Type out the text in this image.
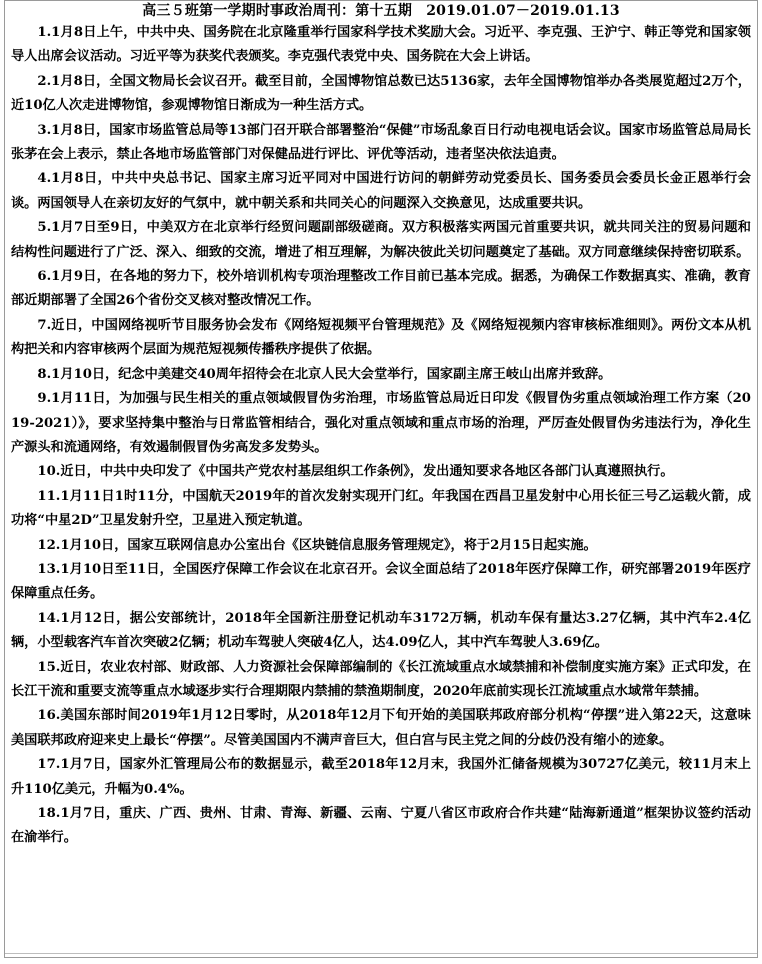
高三５班第一学期时事政治周刊：第十五期　2019.01.07－2019.01.13

1.1月8日上午，中共中央、国务院在北京隆重举行国家科学技术奖励大会。习近平、李克强、王沪宁、韩正等党和国家领导人出席会议活动。习近平等为获奖代表颁奖。李克强代表党中央、国务院在大会上讲话。

2.1月8日，全国文物局长会议召开。截至目前，全国博物馆总数已达5136家，去年全国博物馆举办各类展览超过2万个，近10亿人次走进博物馆，参观博物馆日渐成为一种生活方式。

3.1月8日，国家市场监管总局等13部门召开联合部署整治“保健”市场乱象百日行动电视电话会议。国家市场监管总局局长张茅在会上表示，禁止各地市场监管部门对保健品进行评比、评优等活动，违者坚决依法追责。

4.1月8日，中共中央总书记、国家主席习近平同对中国进行访问的朝鲜劳动党委员长、国务委员会委员长金正恩举行会谈。两国领导人在亲切友好的气氛中，就中朝关系和共同关心的问题深入交换意见，达成重要共识。

5.1月7日至9日，中美双方在北京举行经贸问题副部级磋商。双方积极落实两国元首重要共识，就共同关注的贸易问题和结构性问题进行了广泛、深入、细致的交流，增进了相互理解，为解决彼此关切问题奠定了基础。双方同意继续保持密切联系。

6.1月9日，在各地的努力下，校外培训机构专项治理整改工作目前已基本完成。据悉，为确保工作数据真实、准确，教育部近期部署了全国26个省份交叉核对整改情况工作。

7.近日，中国网络视听节目服务协会发布《网络短视频平台管理规范》及《网络短视频内容审核标准细则》。两份文本从机构把关和内容审核两个层面为规范短视频传播秩序提供了依据。

8.1月10日，纪念中美建交40周年招待会在北京人民大会堂举行，国家副主席王岐山出席并致辞。

9.1月11日，为加强与民生相关的重点领域假冒伪劣治理，市场监管总局近日印发《假冒伪劣重点领域治理工作方案（2019-2021）》，要求坚持集中整治与日常监管相结合，强化对重点领域和重点市场的治理，严厉查处假冒伪劣违法行为，净化生产源头和流通网络，有效遏制假冒伪劣高发多发势头。

10.近日，中共中央印发了《中国共产党农村基层组织工作条例》，发出通知要求各地区各部门认真遵照执行。

11.1月11日1时11分，中国航天2019年的首次发射实现开门红。年我国在西昌卫星发射中心用长征三号乙运载火箭，成功将“中星2D”卫星发射升空，卫星进入预定轨道。

12.1月10日，国家互联网信息办公室出台《区块链信息服务管理规定》，将于2月15日起实施。

13.1月10日至11日，全国医疗保障工作会议在北京召开。会议全面总结了2018年医疗保障工作，研究部署2019年医疗保障重点任务。

14.1月12日，据公安部统计，2018年全国新注册登记机动车3172万辆，机动车保有量达3.27亿辆，其中汽车2.4亿辆，小型载客汽车首次突破2亿辆；机动车驾驶人突破4亿人，达4.09亿人，其中汽车驾驶人3.69亿。

15.近日，农业农村部、财政部、人力资源社会保障部编制的《长江流域重点水域禁捕和补偿制度实施方案》正式印发，在长江干流和重要支流等重点水域逐步实行合理期限内禁捕的禁渔期制度，2020年底前实现长江流域重点水域常年禁捕。

16.美国东部时间2019年1月12日零时，从2018年12月下旬开始的美国联邦政府部分机构“停摆”进入第22天，这意味美国联邦政府迎来史上最长“停摆”。尽管美国国内不满声音巨大，但白宫与民主党之间的分歧仍没有缩小的迹象。

17.1月7日，国家外汇管理局公布的数据显示，截至2018年12月末，我国外汇储备规模为30727亿美元，较11月末上升110亿美元，升幅为0.4%。

18.1月7日，重庆、广西、贵州、甘肃、青海、新疆、云南、宁夏八省区市政府合作共建“陆海新通道”框架协议签约活动在渝举行。
